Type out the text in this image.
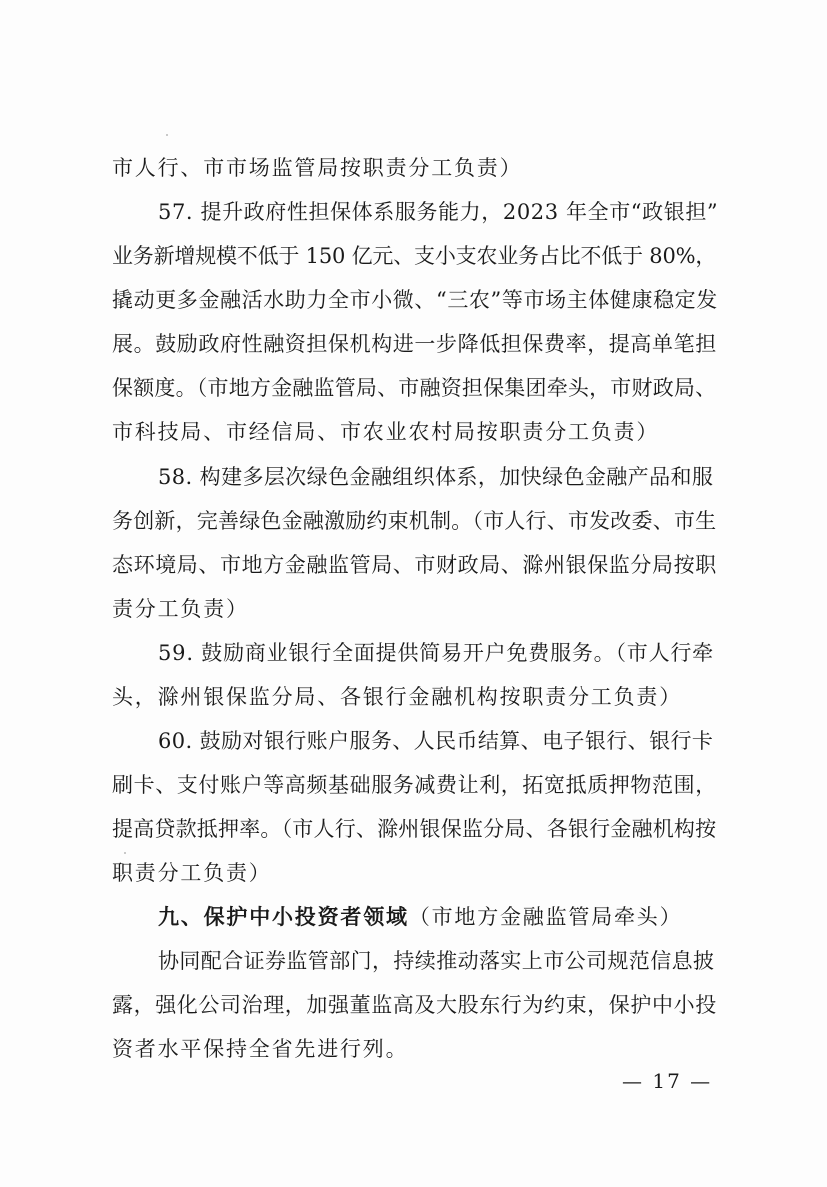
市人行、市市场监管局按职责分工负责）
57. 提升政府性担保体系服务能力，2023 年全市“政银担”
业务新增规模不低于 150 亿元、支小支农业务占比不低于 80%，
撬动更多金融活水助力全市小微、“三农”等市场主体健康稳定发
展。鼓励政府性融资担保机构进一步降低担保费率，提高单笔担
保额度。（市地方金融监管局、市融资担保集团牵头，市财政局、
市科技局、市经信局、市农业农村局按职责分工负责）
58. 构建多层次绿色金融组织体系，加快绿色金融产品和服
务创新，完善绿色金融激励约束机制。（市人行、市发改委、市生
态环境局、市地方金融监管局、市财政局、滁州银保监分局按职
责分工负责）
59. 鼓励商业银行全面提供简易开户免费服务。（市人行牵
头，滁州银保监分局、各银行金融机构按职责分工负责）
60. 鼓励对银行账户服务、人民币结算、电子银行、银行卡
刷卡、支付账户等高频基础服务减费让利，拓宽抵质押物范围，
提高贷款抵押率。（市人行、滁州银保监分局、各银行金融机构按
职责分工负责）
九、保护中小投资者领域（市地方金融监管局牵头）
协同配合证券监管部门，持续推动落实上市公司规范信息披
露，强化公司治理，加强董监高及大股东行为约束，保护中小投
资者水平保持全省先进行列。
— 17 —
